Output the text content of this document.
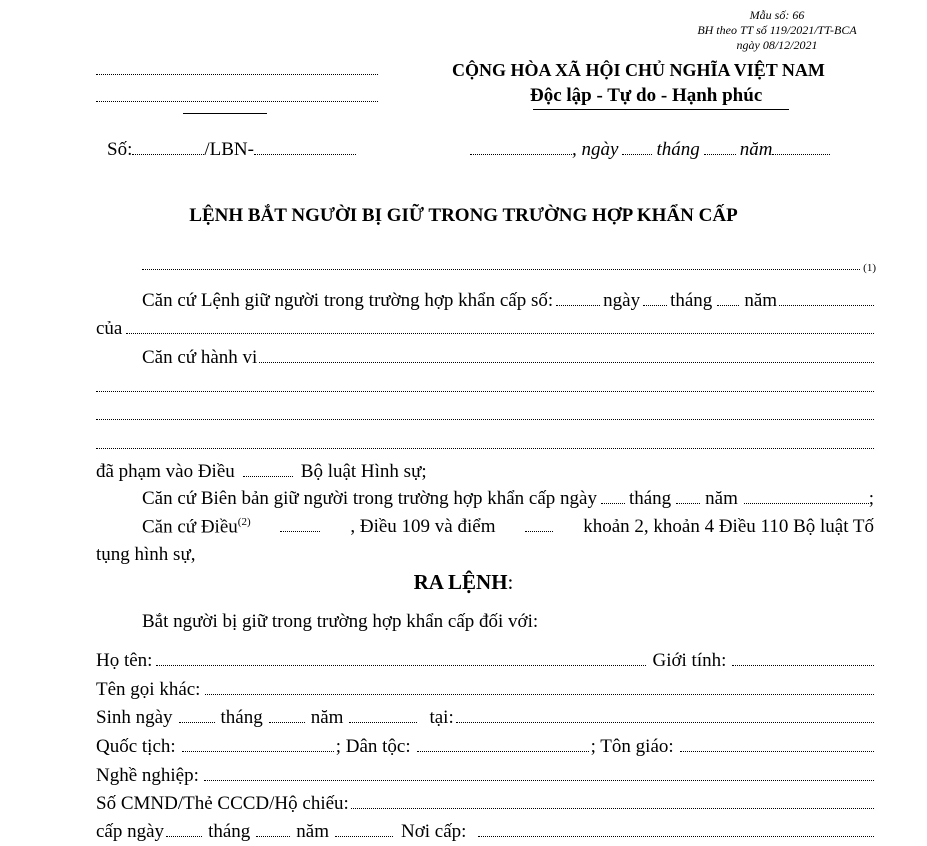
Mẫu số: 66
BH theo TT số 119/2021/TT-BCA
ngày 08/12/2021
CỘNG HÒA XÃ HỘI CHỦ NGHĨA VIỆT NAM
Độc lập - Tự do - Hạnh phúc
Số:	/LBN-	, ngày tháng năm
LỆNH BẮT NGƯỜI BỊ GIỮ TRONG TRƯỜNG HỢP KHẨN CẤP
(1)
Căn cứ Lệnh giữ người trong trường hợp khẩn cấp số:	ngày tháng năm
của
Căn cứ hành vi
đã phạm vào Điều	Bộ luật Hình sự;
Căn cứ Biên bản giữ người trong trường hợp khẩn cấp ngày tháng năm	;
Căn cứ Điều$^{(2)}$	, Điều 109 và điểm	khoản 2, khoản 4 Điều 110 Bộ luật Tố
tụng hình sự,
RA LỆNH:
Bắt người bị giữ trong trường hợp khẩn cấp đối với:
Họ tên:	Giới tính:
Tên gọi khác:
Sinh ngày	tháng	năm	tại:
Quốc tịch:	; Dân tộc:	; Tôn giáo:
Nghề nghiệp:
Số CMND/Thẻ CCCD/Hộ chiếu:
cấp ngày tháng năm	Nơi cấp:
